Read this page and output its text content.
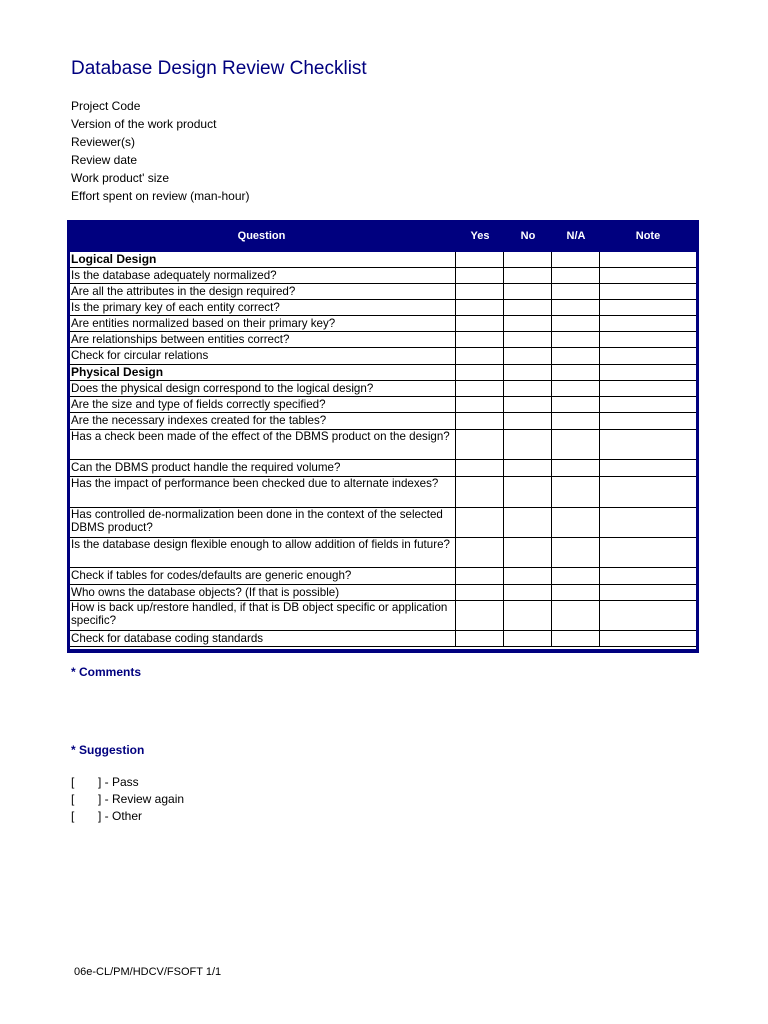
Database Design Review Checklist
Project Code
Version of the work product
Reviewer(s)
Review date
Work product' size
Effort spent on review (man-hour)
Question	Yes	No	N/A	Note
Logical Design
Is the database adequately normalized?
Are all the attributes in the design required?
Is the primary key of each entity correct?
Are entities normalized based on their primary key?
Are relationships between entities correct?
Check for circular relations
Physical Design
Does the physical design correspond to the logical design?
Are the size and type of fields correctly specified?
Are the necessary indexes created for the tables?
Has a check been made of the effect of the DBMS product on the design?
Can the DBMS product handle the required volume?
Has the impact of performance been checked due to alternate indexes?
Has controlled de-normalization been done in the context of the selected DBMS product?
Is the database design flexible enough to allow addition of fields in future?
Check if tables for codes/defaults are generic enough?
Who owns the database objects? (If that is possible)
How is back up/restore handled, if that is DB object specific or application specific?
Check for database coding standards
* Comments
* Suggestion
[ ] - Pass
[ ] - Review again
[ ] - Other
06e-CL/PM/HDCV/FSOFT 1/1
